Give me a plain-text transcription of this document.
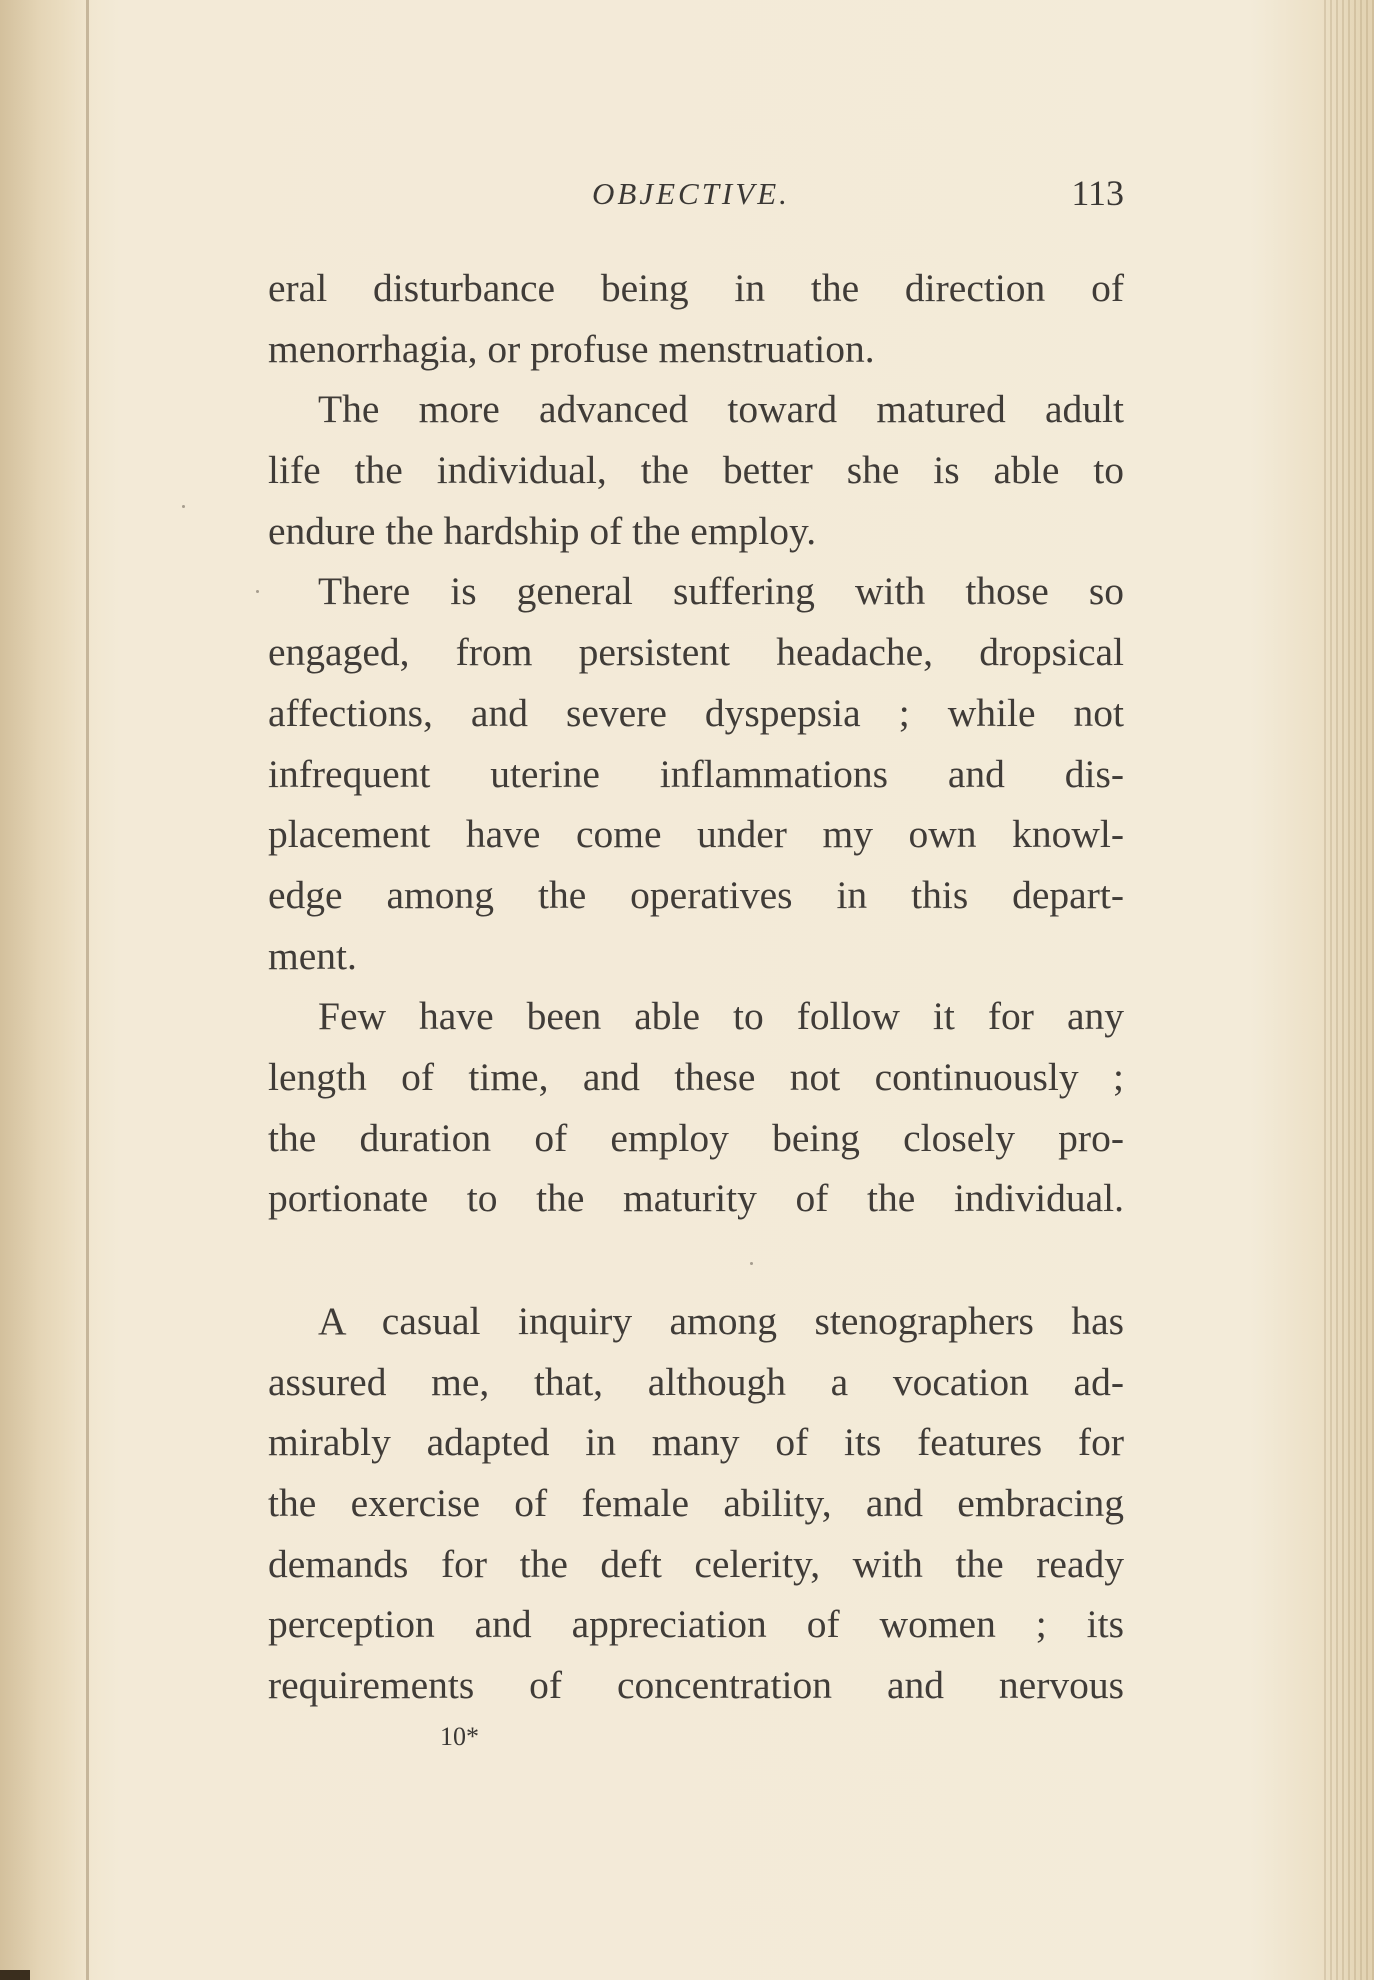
OBJECTIVE.	113
eral disturbance being in the direction of
menorrhagia, or profuse menstruation.
The more advanced toward matured adult
life the individual, the better she is able to
endure the hardship of the employ.
There is general suffering with those so
engaged, from persistent headache, dropsical
affections, and severe dyspepsia ; while not
infrequent uterine inflammations and dis-
placement have come under my own knowl-
edge among the operatives in this depart-
ment.
Few have been able to follow it for any
length of time, and these not continuously ;
the duration of employ being closely pro-
portionate to the maturity of the individual.
A casual inquiry among stenographers has
assured me, that, although a vocation ad-
mirably adapted in many of its features for
the exercise of female ability, and embracing
demands for the deft celerity, with the ready
perception and appreciation of women ; its
requirements of concentration and nervous
10*
